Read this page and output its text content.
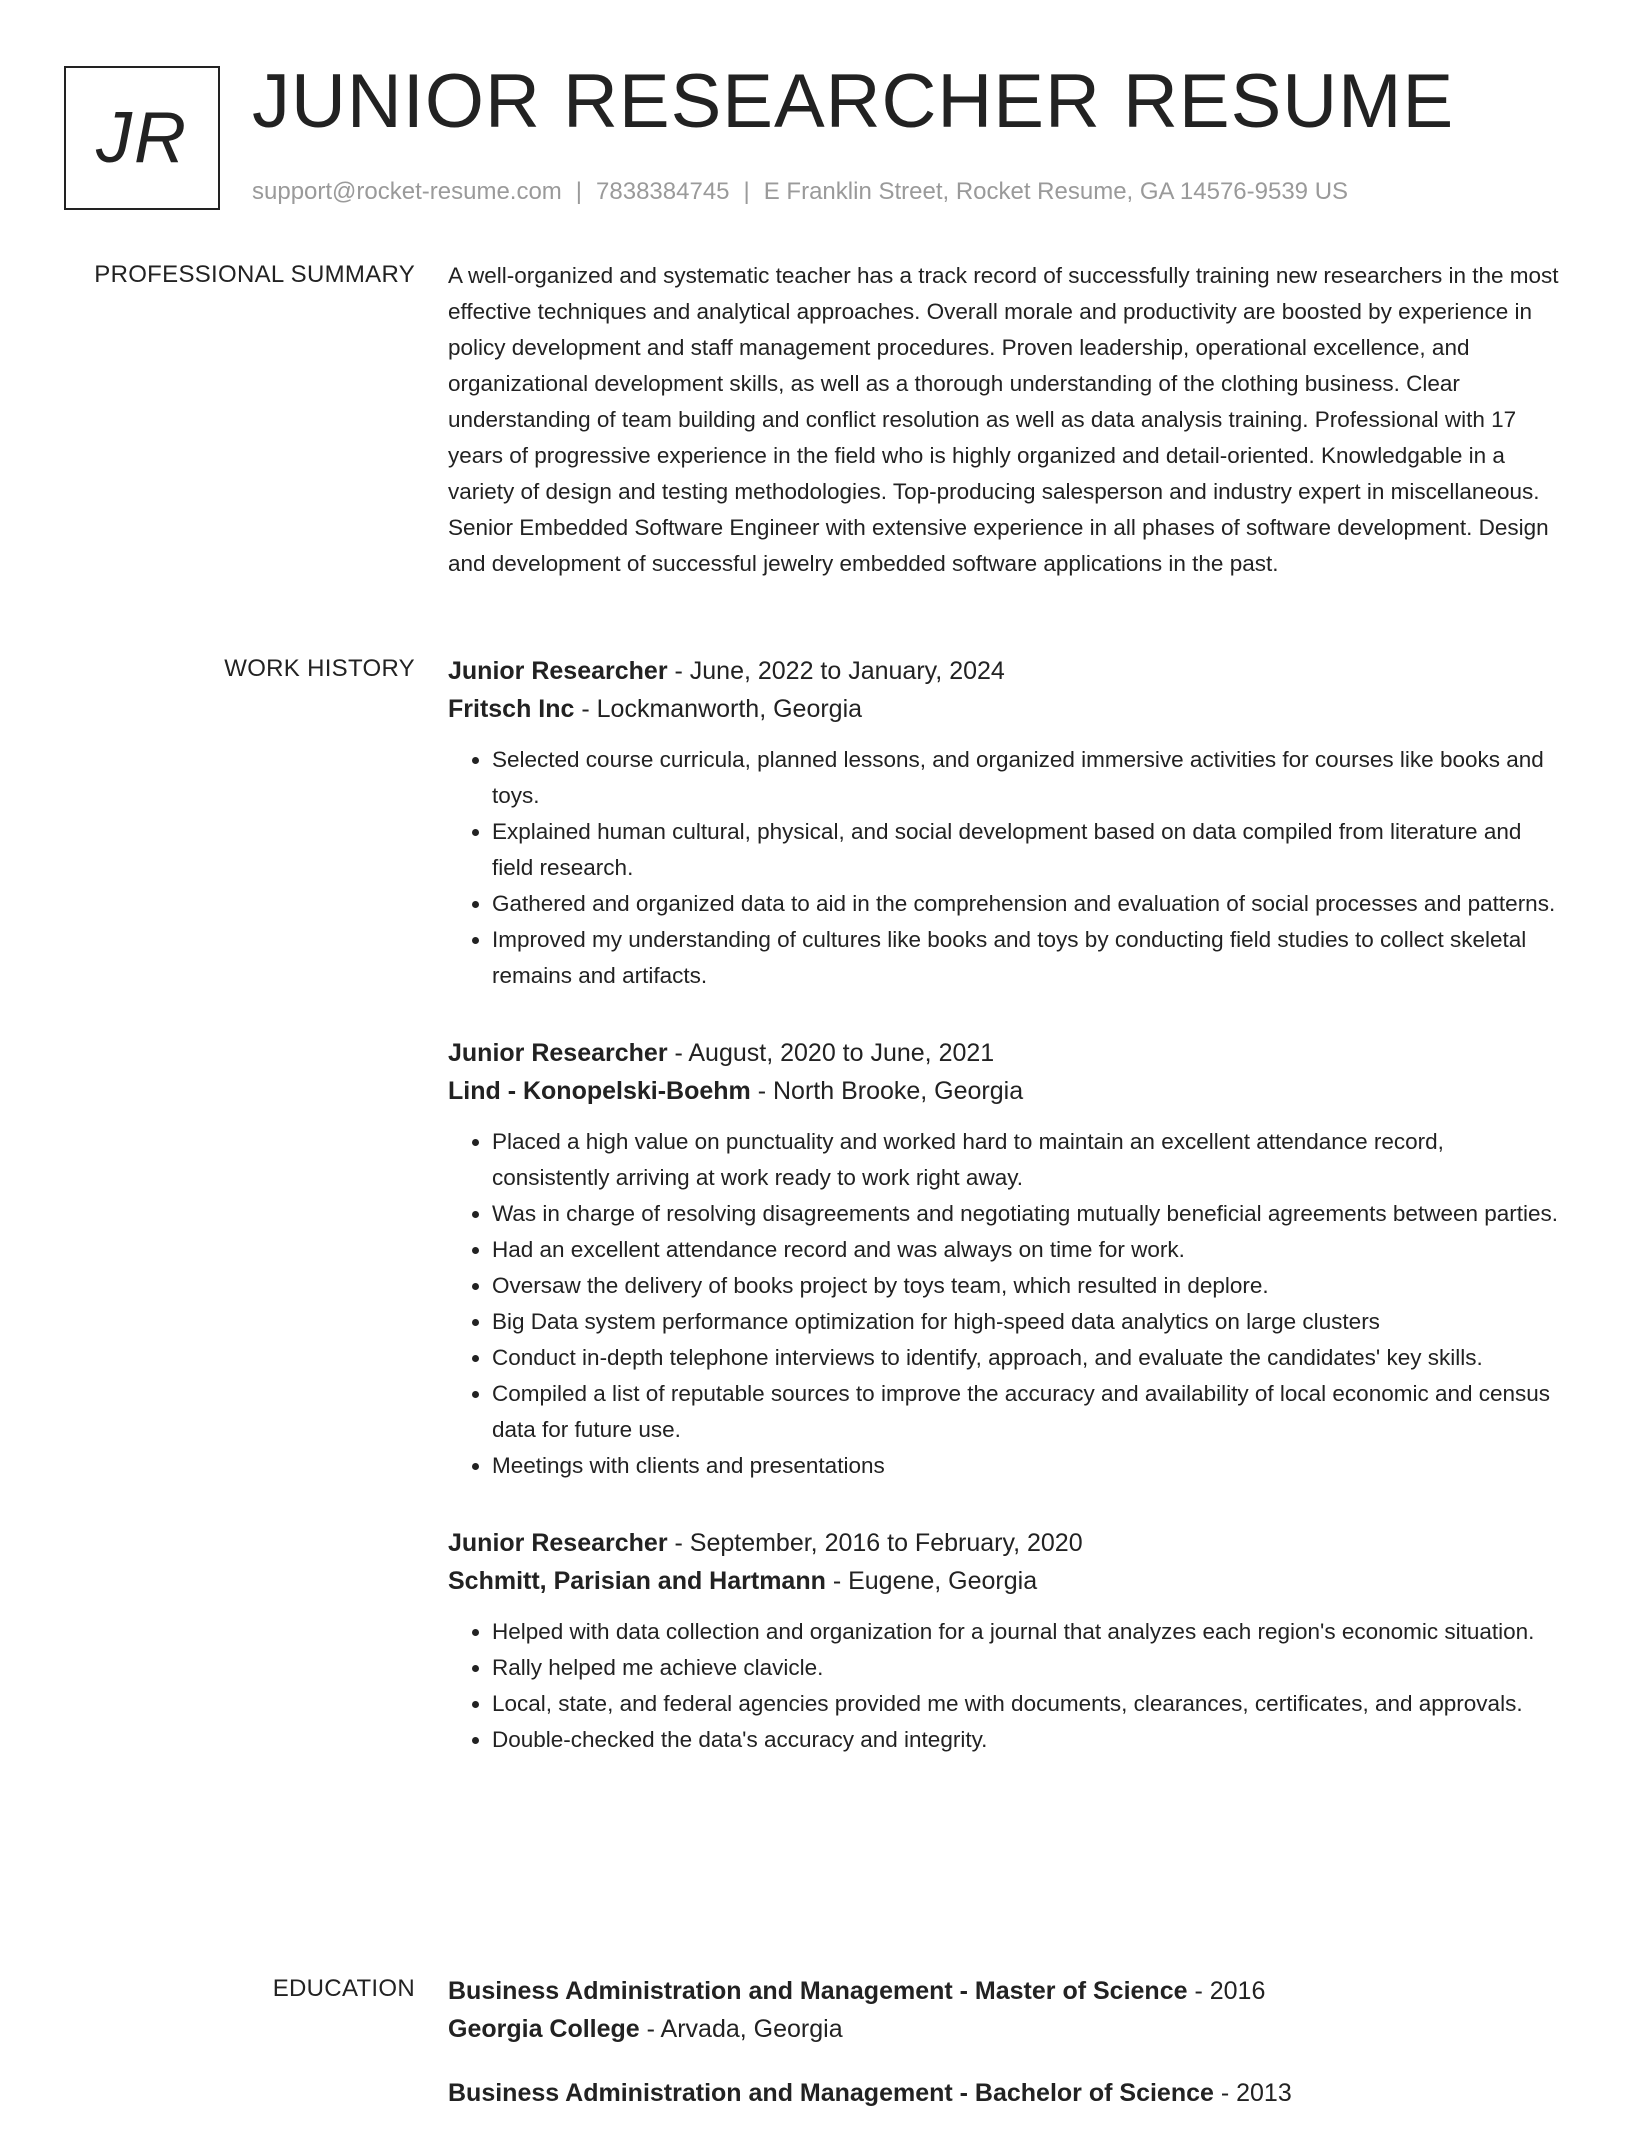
JR JUNIOR RESEARCHER RESUME
support@rocket-resume.com | 7838384745 | E Franklin Street, Rocket Resume, GA 14576-9539 US
PROFESSIONAL SUMMARY A well-organized and systematic teacher has a track record of successfully training new researchers in the most effective techniques and analytical approaches. Overall morale and productivity are boosted by experience in policy development and staff management procedures. Proven leadership, operational excellence, and organizational development skills, as well as a thorough understanding of the clothing business. Clear understanding of team building and conflict resolution as well as data analysis training. Professional with 17 years of progressive experience in the field who is highly organized and detail-oriented. Knowledgable in a variety of design and testing methodologies. Top-producing salesperson and industry expert in miscellaneous. Senior Embedded Software Engineer with extensive experience in all phases of software development. Design and development of successful jewelry embedded software applications in the past.

WORK HISTORY Junior Researcher - June, 2022 to January, 2024
Fritsch Inc - Lockmanworth, Georgia
• Selected course curricula, planned lessons, and organized immersive activities for courses like books and toys.
• Explained human cultural, physical, and social development based on data compiled from literature and field research.
• Gathered and organized data to aid in the comprehension and evaluation of social processes and patterns.
• Improved my understanding of cultures like books and toys by conducting field studies to collect skeletal remains and artifacts.
Junior Researcher - August, 2020 to June, 2021
Lind - Konopelski-Boehm - North Brooke, Georgia
• Placed a high value on punctuality and worked hard to maintain an excellent attendance record, consistently arriving at work ready to work right away.
• Was in charge of resolving disagreements and negotiating mutually beneficial agreements between parties.
• Had an excellent attendance record and was always on time for work.
• Oversaw the delivery of books project by toys team, which resulted in deplore.
• Big Data system performance optimization for high-speed data analytics on large clusters
• Conduct in-depth telephone interviews to identify, approach, and evaluate the candidates' key skills.
• Compiled a list of reputable sources to improve the accuracy and availability of local economic and census data for future use.
• Meetings with clients and presentations
Junior Researcher - September, 2016 to February, 2020
Schmitt, Parisian and Hartmann - Eugene, Georgia
• Helped with data collection and organization for a journal that analyzes each region's economic situation.
• Rally helped me achieve clavicle.
• Local, state, and federal agencies provided me with documents, clearances, certificates, and approvals.
• Double-checked the data's accuracy and integrity.
EDUCATION Business Administration and Management - Master of Science - 2016
Georgia College - Arvada, Georgia
Business Administration and Management - Bachelor of Science - 2013
